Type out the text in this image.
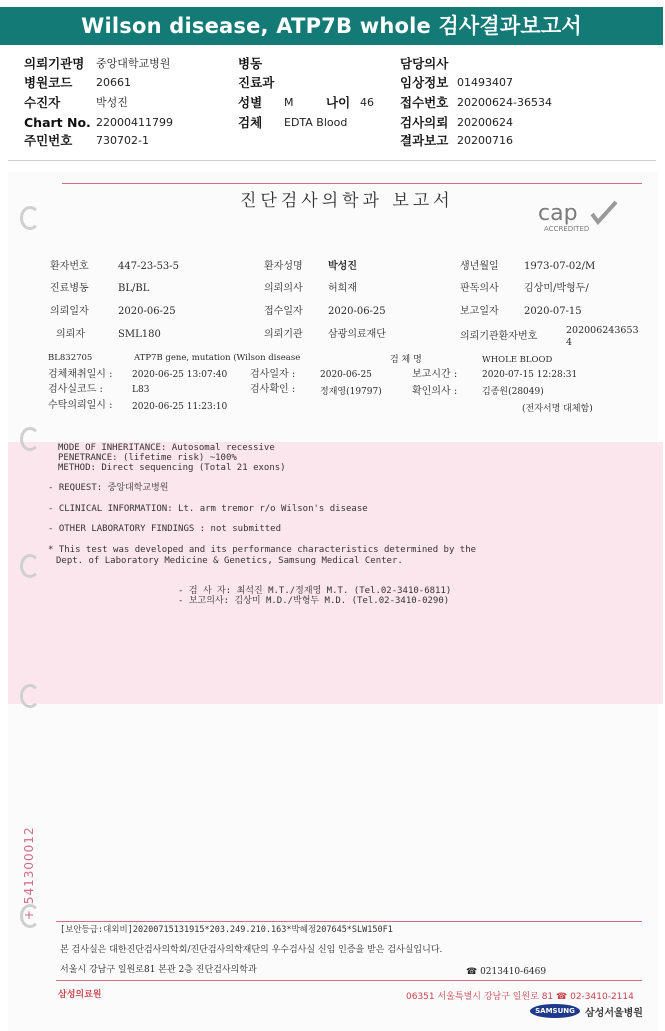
Wilson disease, ATP7B whole 검사결과보고서
의뢰기관명 중앙대학교병원
병원코드 20661
수진자	박성진
Chart No. 22000411799
주민번호 730702-1
병동
진료과
성별 M	나이 46
검체 EDTA Blood
담당의사
임상정보 01493407
접수번호 20200624-36534
검사의뢰 20200624
결과보고 20200716
진단검사의학과 보고서	cap
ACCREDITED
환자번호	447-23-53-5	환자성명	박성진	생년월일	1973-07-02/M
진료병동	BL/BL	의뢰의사	허희재	판독의사	김상미/박형두/
의뢰일자	2020-06-25	접수일자	2020-06-25	보고일자	2020-07-15
의뢰자	SML180	의뢰기관	삼광의료재단	의뢰기관환자번호
202006243653
4
BL832705	ATP7B gene, mutation (Wilson disease	검 체 명	WHOLE BLOOD
검체채취일시 : 2020-06-25 13:07:40 검사일자 :	2020-06-25	보고시간 :	2020-07-15 12:28:31
검사실코드 :	L83	검사확인 :	정재영(19797)	확인의사 :	김종원(28049)
수탁의뢰일시 : 2020-06-25 11:23:10	(전자서명 대체함)
MODE OF INHERITANCE: Autosomal recessive
PENETRANCE: (lifetime risk) ~100%
METHOD: Direct sequencing (Total 21 exons)
- REQUEST: 중앙대학교병원
- CLINICAL INFORMATION: Lt. arm tremor r/o Wilson's disease
- OTHER LABORATORY FINDINGS : not submitted
* This test was developed and its performance characteristics determined by the
Dept. of Laboratory Medicine & Genetics, Samsung Medical Center.
- 검 사 자: 최석진 M.T./정재영 M.T. (Tel.02-3410-6811)
- 보고의사: 김상미 M.D./박형두 M.D. (Tel.02-3410-0290)
+ 541300012
[보안등급:대외비]20200715131915*203.249.210.163*박혜정207645*SLW150F1
본 검사실은 대한진단검사의학회/진단검사의학재단의 우수검사실 신임 인증을 받은 검사실입니다.
서울시 강남구 일원로81 본관 2층 진단검사의학과	☎ 0213410-6469
삼성의료원	06351 서울특별시 강남구 일원로 81 ☎ 02-3410-2114
SAMSUNG	삼성서울병원
